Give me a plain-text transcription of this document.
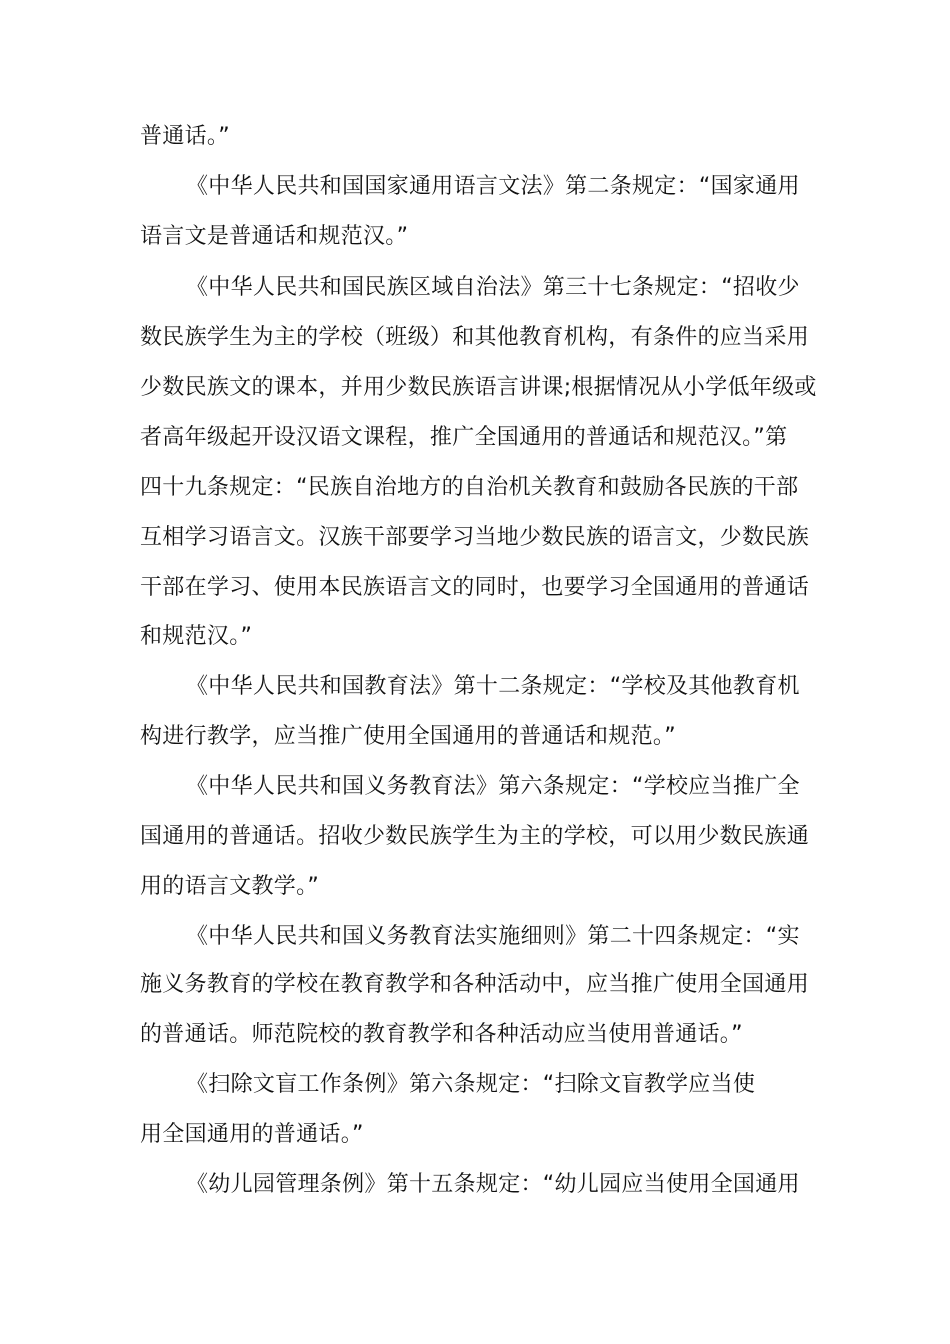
普通话。”
《中华人民共和国国家通用语言文法》第二条规定：“国家通用
语言文是普通话和规范汉。”
《中华人民共和国民族区域自治法》第三十七条规定：“招收少
数民族学生为主的学校（班级）和其他教育机构，有条件的应当采用
少数民族文的课本，并用少数民族语言讲课;根据情况从小学低年级或
者高年级起开设汉语文课程，推广全国通用的普通话和规范汉。”第
四十九条规定：“民族自治地方的自治机关教育和鼓励各民族的干部
互相学习语言文。汉族干部要学习当地少数民族的语言文，少数民族
干部在学习、使用本民族语言文的同时，也要学习全国通用的普通话
和规范汉。”
《中华人民共和国教育法》第十二条规定：“学校及其他教育机
构进行教学，应当推广使用全国通用的普通话和规范。”
《中华人民共和国义务教育法》第六条规定：“学校应当推广全
国通用的普通话。招收少数民族学生为主的学校，可以用少数民族通
用的语言文教学。”
《中华人民共和国义务教育法实施细则》第二十四条规定：“实
施义务教育的学校在教育教学和各种活动中，应当推广使用全国通用
的普通话。师范院校的教育教学和各种活动应当使用普通话。”
《扫除文盲工作条例》第六条规定：“扫除文盲教学应当使
用全国通用的普通话。”
《幼儿园管理条例》第十五条规定：“幼儿园应当使用全国通用
